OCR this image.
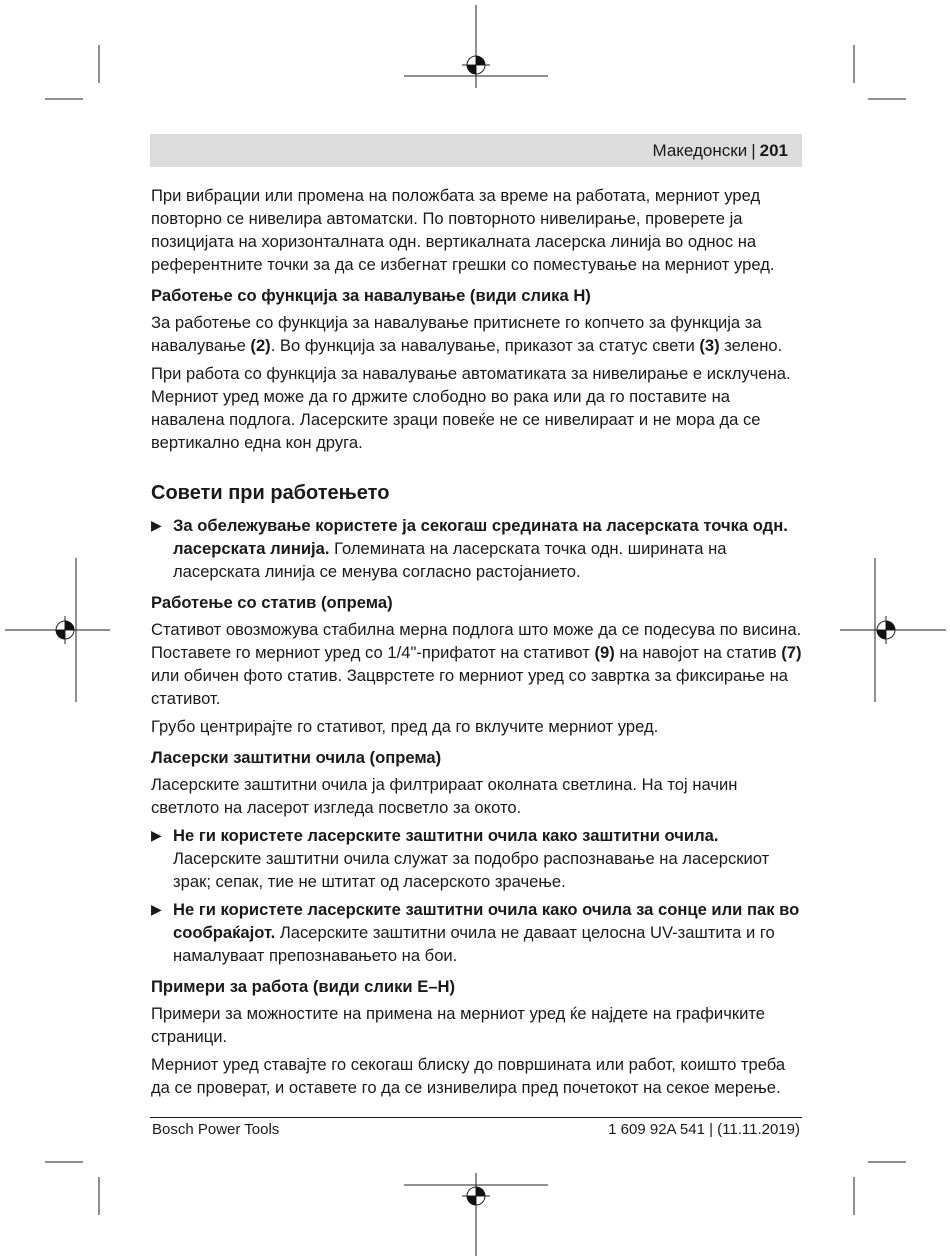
Македонски | 201

При вибрации или промена на положбата за време на работата, мерниот уред повторно се нивелира автоматски. По повторното нивелирање, проверете ја позицијата на хоризонталната одн. вертикалната ласерска линија во однос на референтните точки за да се избегнат грешки со поместување на мерниот уред.

Работење со функција за навалување (види слика H)

За работење со функција за навалување притиснете го копчето за функција за навалување (2). Во функција за навалување, приказот за статус свети (3) зелено.

При работа со функција за навалување автоматиката за нивелирање е исклучена. Мерниот уред може да го држите слободно во рака или да го поставите на навалена подлога. Ласерските зраци повеќе не се нивелираат и не мора да се вертикално една кон друга.

Совети при работењето
▶ За обележување користете ја секогаш средината на ласерската точка одн. ласерската линија. Големината на ласерската точка одн. ширината на ласерската линија се менува согласно растојанието.
Работење со статив (опрема)

Стативот овозможува стабилна мерна подлога што може да се подесува по висина. Поставете го мерниот уред со 1/4"-прифатот на стативот (9) на навојот на статив (7) или обичен фото статив. Зацврстете го мерниот уред со завртка за фиксирање на стативот.

Грубо центрирајте го стативот, пред да го вклучите мерниот уред.

Ласерски заштитни очила (опрема)

Ласерските заштитни очила ја филтрираат околната светлина. На тој начин светлото на ласерот изгледа посветло за окото.

▶ Не ги користете ласерските заштитни очила како заштитни очила. Ласерските заштитни очила служат за подобро распознавање на ласерскиот зрак; сепак, тие не штитат од ласерското зрачење.
▶ Не ги користете ласерските заштитни очила како очила за сонце или пак во сообраќајот. Ласерските заштитни очила не даваат целосна UV-заштита и го намалуваат препознавањето на бои.
Примери за работа (види слики E–H)

Примери за можностите на примена на мерниот уред ќе најдете на графичките страници.

Мерниот уред ставајте го секогаш блиску до површината или работ, коишто треба да се проверат, и оставете го да се изнивелира пред почетокот на секое мерење.

Bosch Power Tools	1 609 92A 541 | (11.11.2019)
